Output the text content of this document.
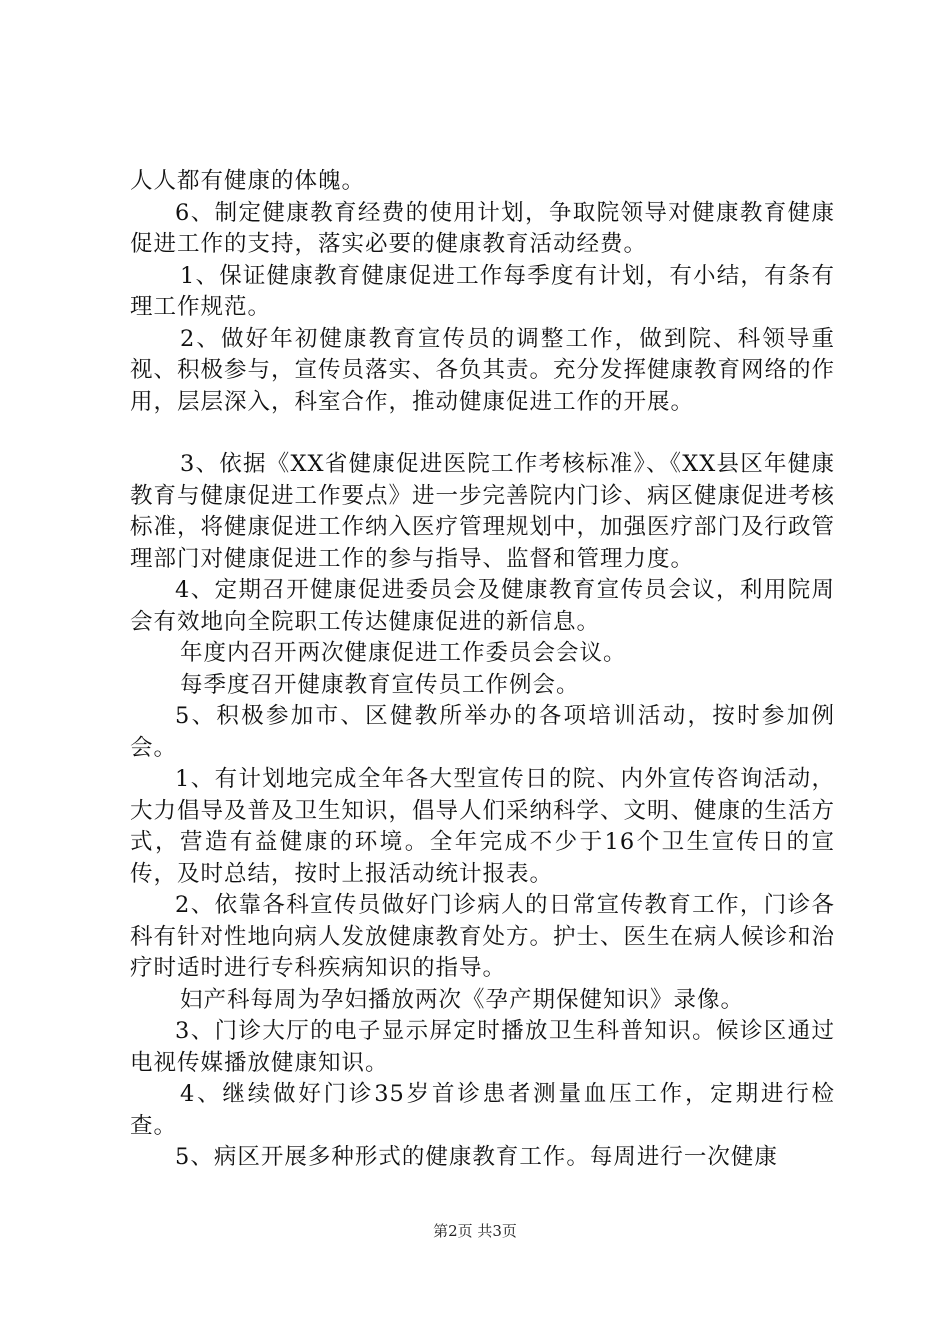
人人都有健康的体魄。

6、制定健康教育经费的使用计划，争取院领导对健康教育健康促进工作的支持，落实必要的健康教育活动经费。

1、保证健康教育健康促进工作每季度有计划，有小结，有条有理工作规范。

2、做好年初健康教育宣传员的调整工作，做到院、科领导重视、积极参与，宣传员落实、各负其责。充分发挥健康教育网络的作用，层层深入，科室合作，推动健康促进工作的开展。

3、依据《XX省健康促进医院工作考核标准》、《XX县区年健康教育与健康促进工作要点》进一步完善院内门诊、病区健康促进考核标准，将健康促进工作纳入医疗管理规划中，加强医疗部门及行政管理部门对健康促进工作的参与指导、监督和管理力度。

4、定期召开健康促进委员会及健康教育宣传员会议，利用院周会有效地向全院职工传达健康促进的新信息。

年度内召开两次健康促进工作委员会会议。

每季度召开健康教育宣传员工作例会。

5、积极参加市、区健教所举办的各项培训活动，按时参加例会。

1、有计划地完成全年各大型宣传日的院、内外宣传咨询活动，大力倡导及普及卫生知识，倡导人们采纳科学、文明、健康的生活方式，营造有益健康的环境。全年完成不少于16个卫生宣传日的宣传，及时总结，按时上报活动统计报表。

2、依靠各科宣传员做好门诊病人的日常宣传教育工作，门诊各科有针对性地向病人发放健康教育处方。护士、医生在病人候诊和治疗时适时进行专科疾病知识的指导。

妇产科每周为孕妇播放两次《孕产期保健知识》录像。

3、门诊大厅的电子显示屏定时播放卫生科普知识。候诊区通过电视传媒播放健康知识。

4、继续做好门诊35岁首诊患者测量血压工作，定期进行检查。

5、病区开展多种形式的健康教育工作。每周进行一次健康

第2页 共3页
